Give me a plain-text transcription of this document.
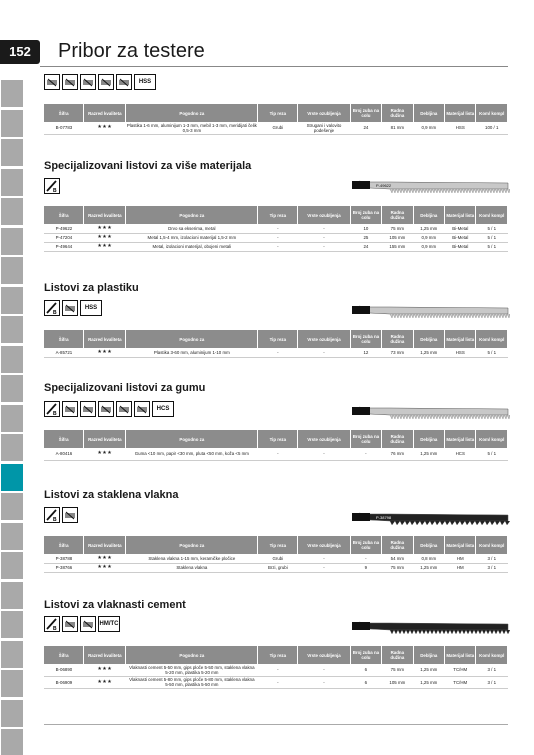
152	Pribor za testere
HSS
Šifra	Razred kvaliteta	Pogodno za	Tip reza	Vrste ozubljenja	Broj zuba na colu	Radna dužina	Debljina	Materijal lista	Kom/ kompl
B-07783	★★★	Plastika 1-6 mm, aluminijum 1-3 mm, mebil 1-3 mm, meridijati čelik 0,5-3 mm	Grubi	Strugani i valovito podešenje	24	81 mm	0,9 mm	HSS	100 / 1
Specijalizovani listovi za više materijala
B
P-49622
Šifra	Razred kvaliteta	Pogodno za	Tip reza	Vrste ozubljenja	Broj zuba na colu	Radna dužina	Debljina	Materijal lista	Kom/ kompl
P-49622	★★★	Drvo sa ekserima, metal	-	-	10	75 mm	1,25 mm	Bi-Metal	5 / 1
P-47204	★★★	Metal 1,5-4 mm, izolacioni materijal 1,5-2 mm	-	-	25	105 mm	0,9 mm	Bi-Metal	5 / 1
P-49644	★★★	Metal, izolacioni materijal, obojeni metali	-	-	24	155 mm	0,9 mm	Bi-Metal	5 / 1
Listovi za plastiku
B
HSS
Šifra	Razred kvaliteta	Pogodno za	Tip reza	Vrste ozubljenja	Broj zuba na colu	Radna dužina	Debljina	Materijal lista	Kom/ kompl
A-85721	★★★	Plastika 3-60 mm, aluminijum 1-10 mm	-	-	12	73 mm	1,25 mm	HSS	5 / 1
Specijalizovani listovi za gumu
B
HCS
Šifra	Razred kvaliteta	Pogodno za	Tip reza	Vrste ozubljenja	Broj zuba na colu	Radna dužina	Debljina	Materijal lista	Kom/ kompl
A-80416	★★★	Guma <10 mm, papir <30 mm, pluta <50 mm, koža <5 mm	-	-	-	76 mm	1,25 mm	HCS	5 / 1
Listovi za staklena vlakna
B	P-38798
Šifra	Razred kvaliteta	Pogodno za	Tip reza	Vrste ozubljenja	Broj zuba na colu	Radna dužina	Debljina	Materijal lista	Kom/ kompl
P-38788	★★★	Staklena vlakna 1-15 mm, keramičke pločice	Grubi	-	-	54 mm	0,8 mm	HM	3 / 1
P-38766	★★★	Staklena vlakna	Brzi, grubi	-	9	75 mm	1,25 mm	HM	3 / 1
Listovi za vlaknasti cement
B
HM/TC
Šifra	Razred kvaliteta	Pogodno za	Tip reza	Vrste ozubljenja	Broj zuba na colu	Radna dužina	Debljina	Materijal lista	Kom/ kompl
B-06890	★★★	Vlaknasti cement 5-50 mm, gips ploče 5-50 mm, staklena vlakna 5-20 mm, plastika 5-20 mm	-	-	6	75 mm	1,25 mm	TC/HM	3 / 1
B-06909	★★★	Vlaknasti cement 5-80 mm, gips ploče 5-80 mm, staklena vlakna 5-50 mm, plastika 5-50 mm	-	-	6	105 mm	1,25 mm	TC/HM	3 / 1
